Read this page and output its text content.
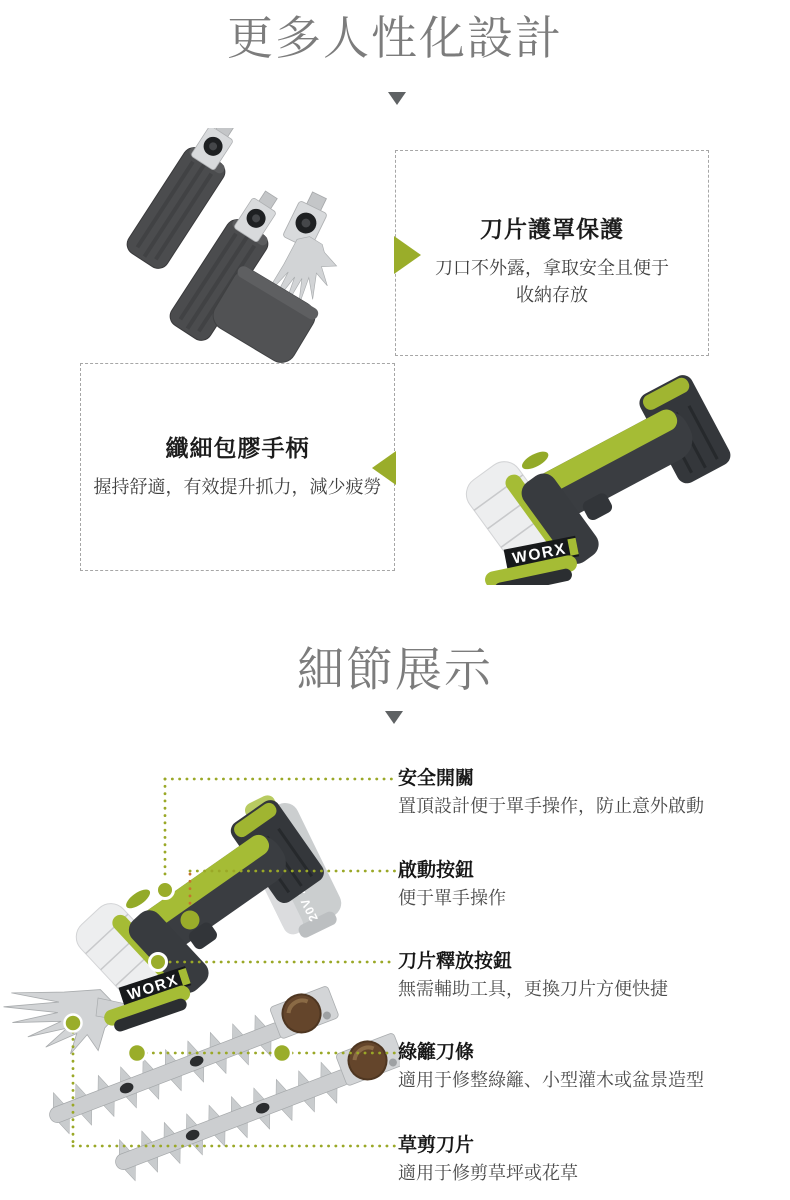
更多人性化設計
刀片護罩保護
刀口不外露，拿取安全且便于
收納存放
纖細包膠手柄
握持舒適，有效提升抓力，減少疲勞
細節展示
安全開關
置頂設計便于單手操作，防止意外啟動
啟動按鈕
便于單手操作
刀片釋放按鈕
無需輔助工具，更換刀片方便快捷
綠籬刀條
適用于修整綠籬、小型灌木或盆景造型
草剪刀片
適用于修剪草坪或花草
